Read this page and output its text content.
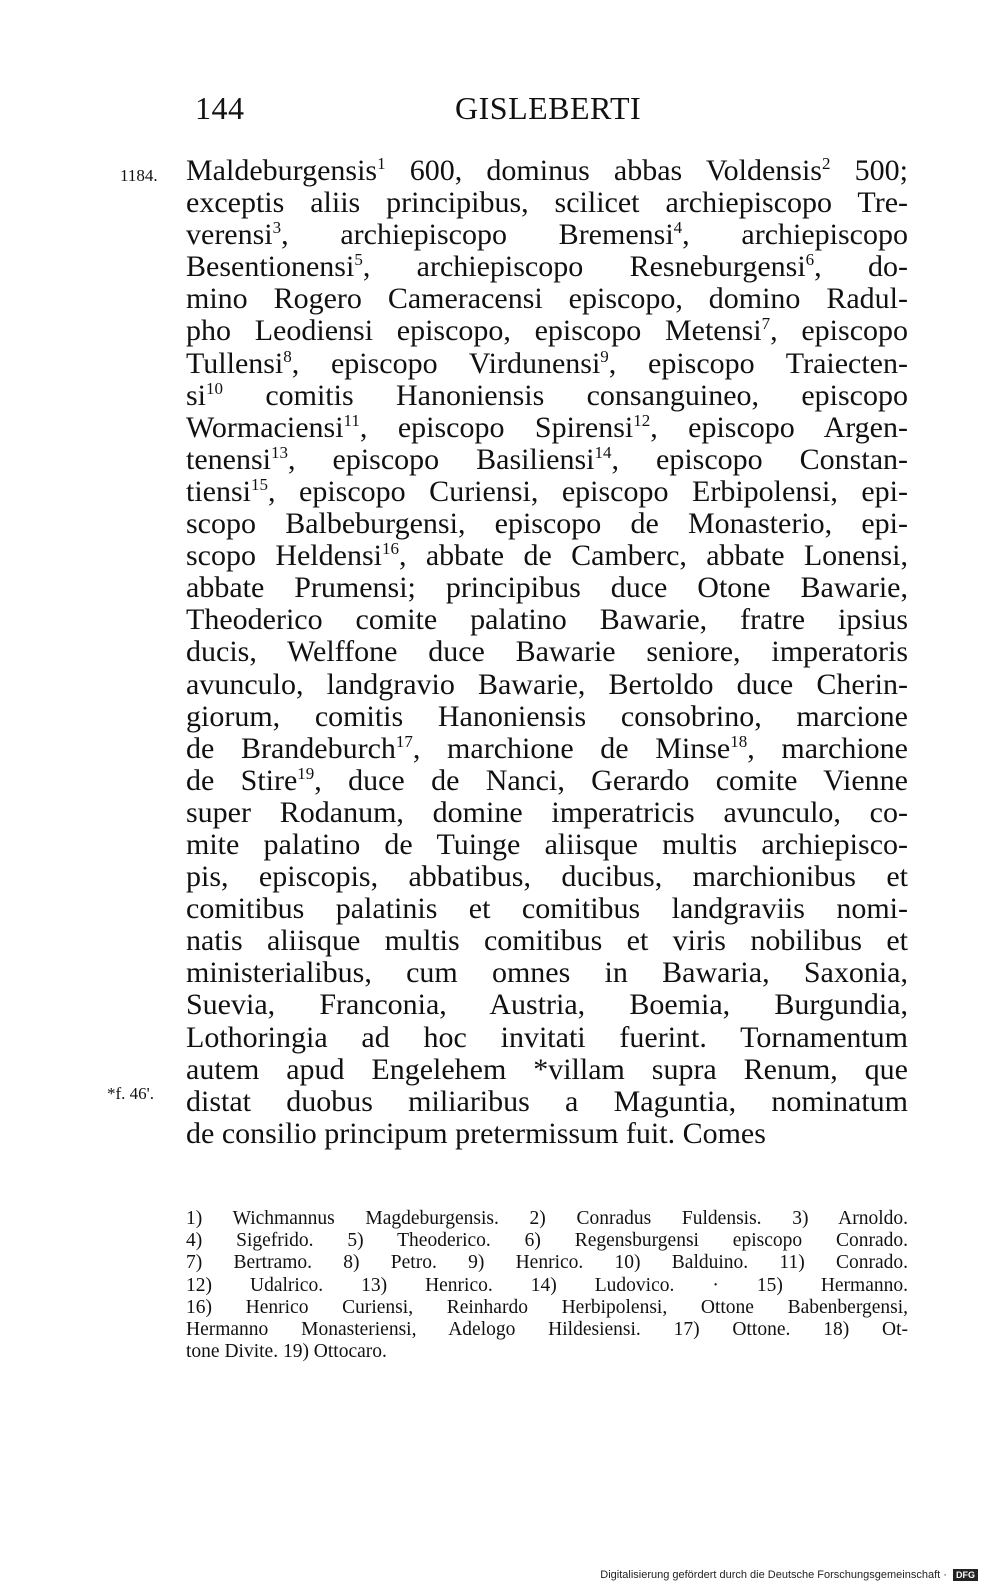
144	GISLEBERTI
1184.
*f. 46'.
Maldeburgensis$^1$ 600, dominus abbas Voldensis$^2$ 500;
exceptis aliis principibus, scilicet archiepiscopo Tre-
verensi$^3$, archiepiscopo Bremensi$^4$, archiepiscopo
Besentionensi$^5$, archiepiscopo Resneburgensi$^6$, do-
mino Rogero Cameracensi episcopo, domino Radul-
pho Leodiensi episcopo, episcopo Metensi$^7$, episcopo
Tullensi$^8$, episcopo Virdunensi$^9$, episcopo Traiecten-
$si^{10}$ comitis Hanoniensis consanguineo, episcopo
Wormaciensi$^{11}$, episcopo Spirensi$^{12}$, episcopo Argen-
tenensi$^{13}$, episcopo Basiliensi$^{14}$, episcopo Constan-
tiensi$^{15}$, episcopo Curiensi, episcopo Erbipolensi, epi-
scopo Balbeburgensi, episcopo de Monasterio, epi-
scopo Heldensi$^{16}$, abbate de Camberc, abbate Lonensi,
abbate Prumensi; principibus duce Otone Bawarie,
Theoderico comite palatino Bawarie, fratre ipsius
ducis, Welffone duce Bawarie seniore, imperatoris
avunculo, landgravio Bawarie, Bertoldo duce Cherin-
giorum, comitis Hanoniensis consobrino, marcione
de Brandeburch$^{17}$, marchione de Minse$^{18}$, marchione
de Stire$^{19}$, duce de Nanci, Gerardo comite Vienne
super Rodanum, domine imperatricis avunculo, co-
mite palatino de Tuinge aliisque multis archiepisco-
pis, episcopis, abbatibus, ducibus, marchionibus et
comitibus palatinis et comitibus landgraviis nomi-
natis aliisque multis comitibus et viris nobilibus et
ministerialibus, cum omnes in Bawaria, Saxonia,
Suevia, Franconia, Austria, Boemia, Burgundia,
Lothoringia ad hoc invitati fuerint. Tornamentum
autem apud Engelehem *villam supra Renum, que
distat duobus miliaribus a Maguntia, nominatum
de consilio principum pretermissum fuit. Comes
1) Wichmannus Magdeburgensis. 2) Conradus Fuldensis. 3) Arnoldo.
4) Sigefrido. 5) Theoderico. 6) Regensburgensi episcopo Conrado.
7) Bertramo. 8) Petro. 9) Henrico. 10) Balduino. 11) Conrado.
12) Udalrico. 13) Henrico. 14) Ludovico. · 15) Hermanno.
16) Henrico Curiensi, Reinhardo Herbipolensi, Ottone Babenbergensi,
Hermanno Monasteriensi, Adelogo Hildesiensi. 17) Ottone. 18) Ot-
tone Divite. 19) Ottocaro.
Digitalisierung gefördert durch die Deutsche Forschungsgemeinschaft · DFG
